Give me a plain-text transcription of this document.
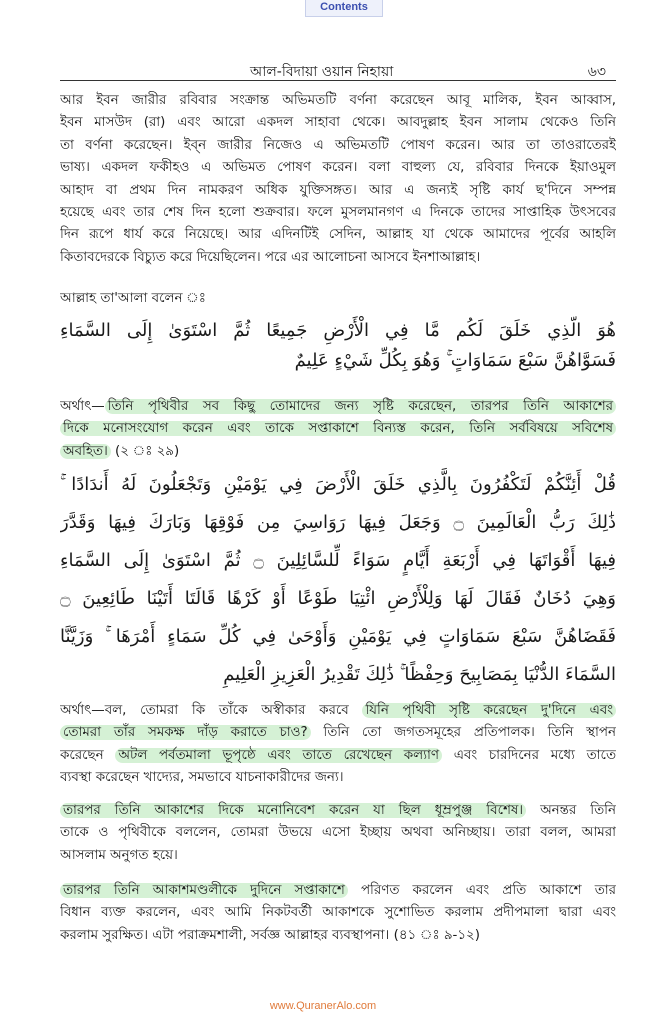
Contents
আল-বিদায়া ওয়ান নিহায়া	৬৩
আর ইবন জারীর রবিবার সংক্রান্ত অভিমতটি বর্ণনা করেছেন আবূ মালিক, ইবন আব্বাস,
ইবন মাসউদ (রা) এবং আরো একদল সাহাবা থেকে। আবদুল্লাহ ইবন সালাম থেকেও তিনি
তা বর্ণনা করেছেন। ইব্ন জারীর নিজেও এ অভিমতটি পোষণ করেন। আর তা তাওরাতেরই
ভাষ্য। একদল ফকীহও এ অভিমত পোষণ করেন। বলা বাহুল্য যে, রবিবার দিনকে ইয়াওমুল
আহাদ বা প্রথম দিন নামকরণ অধিক যুক্তিসঙ্গত। আর এ জন্যই সৃষ্টি কার্য ছ'দিনে সম্পন্ন
হয়েছে এবং তার শেষ দিন হলো শুক্রবার। ফলে মুসলমানগণ এ দিনকে তাদের সাপ্তাহিক উৎসবের
দিন রূপে ধার্য করে নিয়েছে। আর এদিনটিই সেদিন, আল্লাহ যা থেকে আমাদের পূর্বের আহলি
কিতাবদেরকে বিচ্যুত করে দিয়েছিলেন। পরে এর আলোচনা আসবে ইনশাআল্লাহ।
আল্লাহ তা'আলা বলেন ঃ
هُوَ الَّذِي خَلَقَ لَكُم مَّا فِي الْأَرْضِ جَمِيعًا ثُمَّ اسْتَوَىٰ إِلَى السَّمَاءِ
فَسَوَّاهُنَّ سَبْعَ سَمَاوَاتٍ ۚ وَهُوَ بِكُلِّ شَيْءٍ عَلِيمٌ
অর্থাৎ— তিনি পৃথিবীর সব কিছু তোমাদের জন্য সৃষ্টি করেছেন, তারপর তিনি আকাশের
দিকে মনোসংযোগ করেন এবং তাকে সপ্তাকাশে বিন্যস্ত করেন, তিনি সর্ববিষয়ে সবিশেষ
অবহিত। (২ ঃ ২৯)
قُلْ أَئِنَّكُمْ لَتَكْفُرُونَ بِالَّذِي خَلَقَ الْأَرْضَ فِي يَوْمَيْنِ وَتَجْعَلُونَ لَهُ أَندَادًا ۚ
ذَٰلِكَ رَبُّ الْعَالَمِينَ ۝ وَجَعَلَ فِيهَا رَوَاسِيَ مِن فَوْقِهَا وَبَارَكَ فِيهَا وَقَدَّرَ
فِيهَا أَقْوَاتَهَا فِي أَرْبَعَةِ أَيَّامٍ سَوَاءً لِّلسَّائِلِينَ ۝ ثُمَّ اسْتَوَىٰ إِلَى السَّمَاءِ
وَهِيَ دُخَانٌ فَقَالَ لَهَا وَلِلْأَرْضِ ائْتِيَا طَوْعًا أَوْ كَرْهًا قَالَتَا أَتَيْنَا طَائِعِينَ ۝
فَقَضَاهُنَّ سَبْعَ سَمَاوَاتٍ فِي يَوْمَيْنِ وَأَوْحَىٰ فِي كُلِّ سَمَاءٍ أَمْرَهَا ۚ وَزَيَّنَّا
السَّمَاءَ الدُّنْيَا بِمَصَابِيحَ وَحِفْظًا ۚ ذَٰلِكَ تَقْدِيرُ الْعَزِيزِ الْعَلِيمِ
অর্থাৎ—বল, তোমরা কি তাঁকে অস্বীকার করবে যিনি পৃথিবী সৃষ্টি করেছেন দু'দিনে এবং
তোমরা তাঁর সমকক্ষ দাঁড় করাতে চাও? তিনি তো জগতসমূহের প্রতিপালক। তিনি স্থাপন
করেছেন অটল পর্বতমালা ভূপৃষ্ঠে এবং তাতে রেখেছেন কল্যাণ এবং চারদিনের মধ্যে তাতে
ব্যবস্থা করেছেন খাদ্যের, সমভাবে যাচনাকারীদের জন্য।
তারপর তিনি আকাশের দিকে মনোনিবেশ করেন যা ছিল ধূম্রপুঞ্জ বিশেষ। অনন্তর তিনি
তাকে ও পৃথিবীকে বললেন, তোমরা উভয়ে এসো ইচ্ছায় অথবা অনিচ্ছায়। তারা বলল, আমরা
আসলাম অনুগত হয়ে।
তারপর তিনি আকাশমণ্ডলীকে দুদিনে সপ্তাকাশে পরিণত করলেন এবং প্রতি আকাশে তার
বিধান ব্যক্ত করলেন, এবং আমি নিকটবর্তী আকাশকে সুশোভিত করলাম প্রদীপমালা দ্বারা এবং
করলাম সুরক্ষিত। এটা পরাক্রমশালী, সর্বজ্ঞ আল্লাহর ব্যবস্থাপনা। (৪১ ঃ ৯-১২)
www.QuranerAlo.com
